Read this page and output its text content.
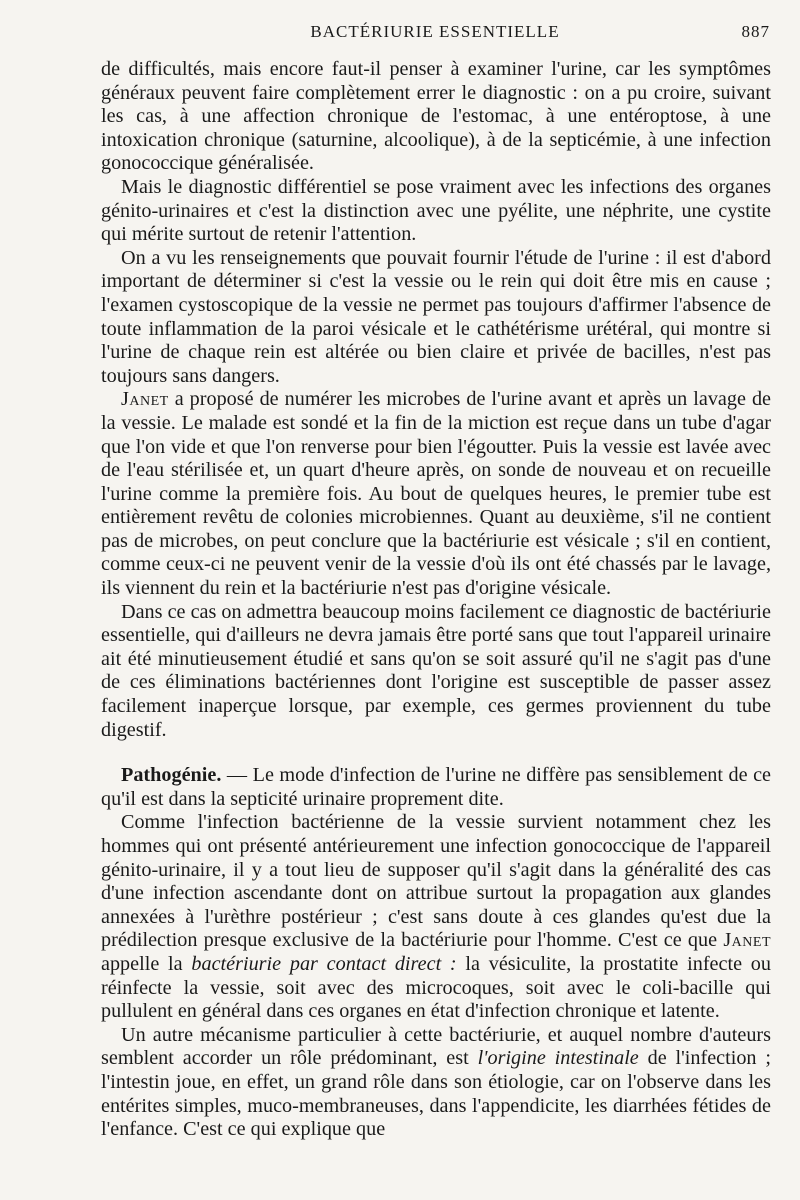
BACTÉRIURIE ESSENTIELLE	887

de difficultés, mais encore faut-il penser à examiner l'urine, car les symptômes généraux peuvent faire complètement errer le diagnostic : on a pu croire, suivant les cas, à une affection chronique de l'estomac, à une entéroptose, à une intoxication chronique (saturnine, alcoolique), à de la septicémie, à une infection gonococcique généralisée.

Mais le diagnostic différentiel se pose vraiment avec les infections des organes génito-urinaires et c'est la distinction avec une pyélite, une néphrite, une cystite qui mérite surtout de retenir l'attention.

On a vu les renseignements que pouvait fournir l'étude de l'urine : il est d'abord important de déterminer si c'est la vessie ou le rein qui doit être mis en cause ; l'examen cystoscopique de la vessie ne permet pas toujours d'affirmer l'absence de toute inflammation de la paroi vésicale et le cathétérisme urétéral, qui montre si l'urine de chaque rein est altérée ou bien claire et privée de bacilles, n'est pas toujours sans dangers.

Janet a proposé de numérer les microbes de l'urine avant et après un lavage de la vessie. Le malade est sondé et la fin de la miction est reçue dans un tube d'agar que l'on vide et que l'on renverse pour bien l'égoutter. Puis la vessie est lavée avec de l'eau stérilisée et, un quart d'heure après, on sonde de nouveau et on recueille l'urine comme la première fois. Au bout de quelques heures, le premier tube est entièrement revêtu de colonies microbiennes. Quant au deuxième, s'il ne contient pas de microbes, on peut conclure que la bactériurie est vésicale ; s'il en contient, comme ceux-ci ne peuvent venir de la vessie d'où ils ont été chassés par le lavage, ils viennent du rein et la bactériurie n'est pas d'origine vésicale.

Dans ce cas on admettra beaucoup moins facilement ce diagnostic de bactériurie essentielle, qui d'ailleurs ne devra jamais être porté sans que tout l'appareil urinaire ait été minutieusement étudié et sans qu'on se soit assuré qu'il ne s'agit pas d'une de ces éliminations bactériennes dont l'origine est susceptible de passer assez facilement inaperçue lorsque, par exemple, ces germes proviennent du tube digestif.

Pathogénie. — Le mode d'infection de l'urine ne diffère pas sensiblement de ce qu'il est dans la septicité urinaire proprement dite.

Comme l'infection bactérienne de la vessie survient notamment chez les hommes qui ont présenté antérieurement une infection gonococcique de l'appareil génito-urinaire, il y a tout lieu de supposer qu'il s'agit dans la généralité des cas d'une infection ascendante dont on attribue surtout la propagation aux glandes annexées à l'urèthre postérieur ; c'est sans doute à ces glandes qu'est due la prédilection presque exclusive de la bactériurie pour l'homme. C'est ce que Janet appelle la bactériurie par contact direct : la vésiculite, la prostatite infecte ou réinfecte la vessie, soit avec des microcoques, soit avec le coli-bacille qui pullulent en général dans ces organes en état d'infection chronique et latente.

Un autre mécanisme particulier à cette bactériurie, et auquel nombre d'auteurs semblent accorder un rôle prédominant, est l'origine intestinale de l'infection ; l'intestin joue, en effet, un grand rôle dans son étiologie, car on l'observe dans les entérites simples, muco-membraneuses, dans l'appendicite, les diarrhées fétides de l'enfance. C'est ce qui explique que
